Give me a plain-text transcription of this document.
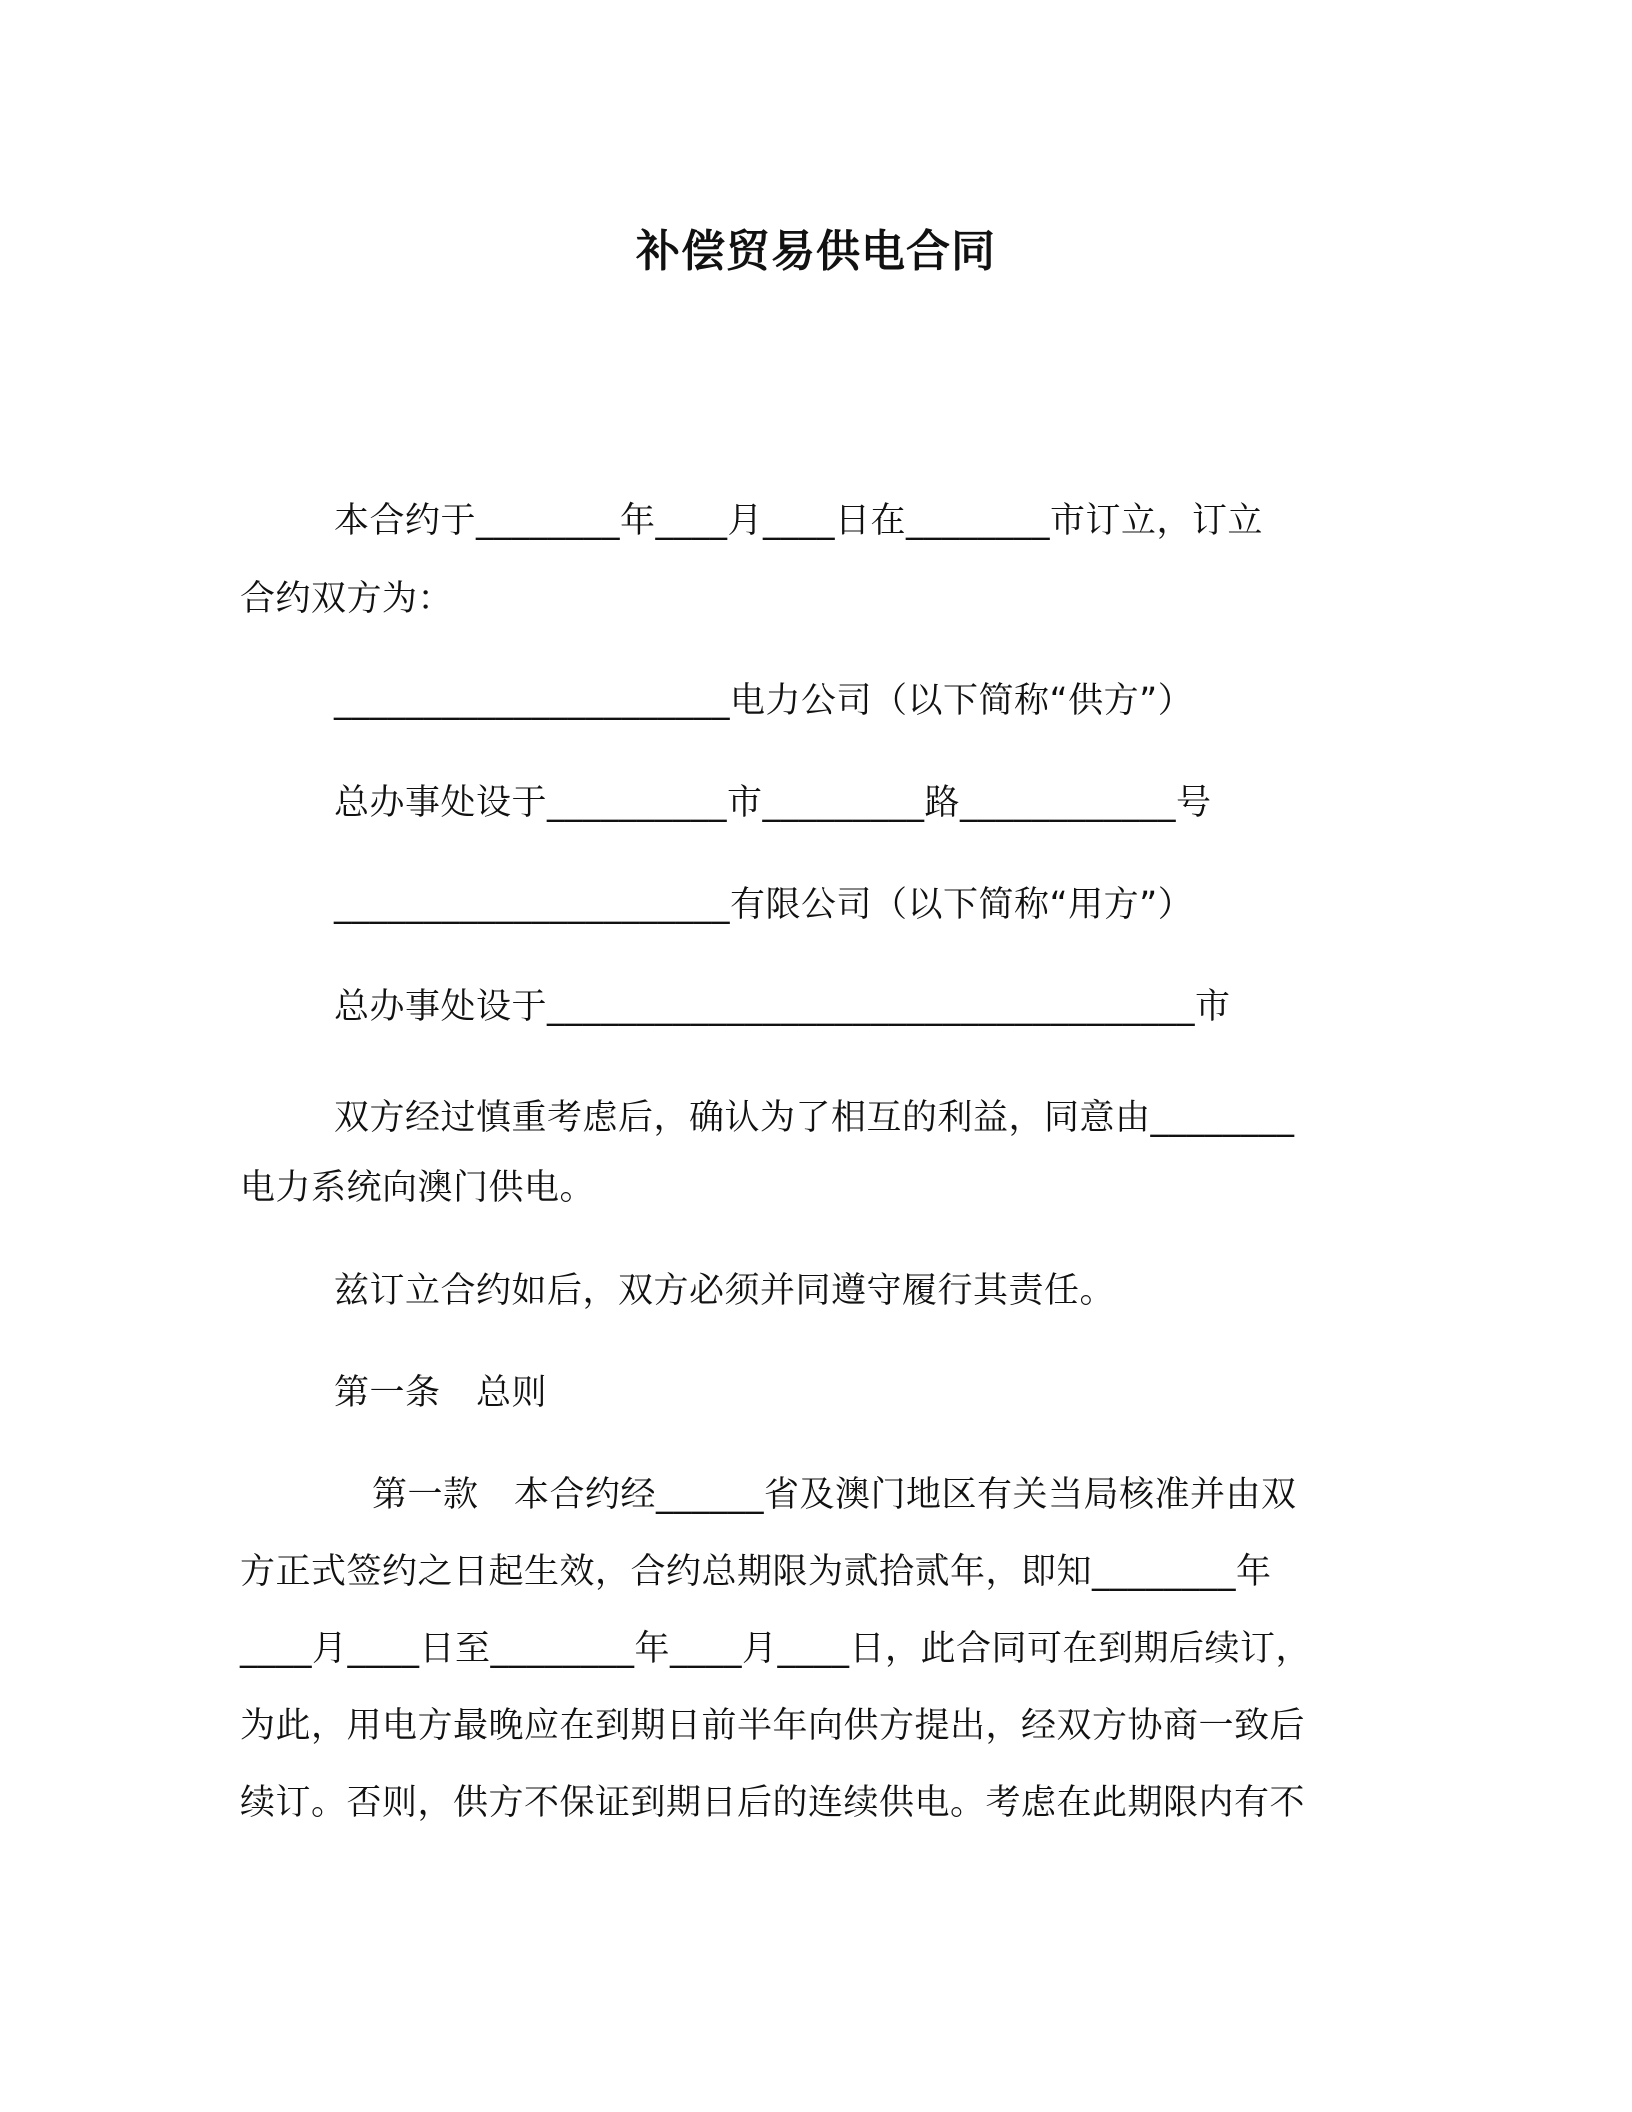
补偿贸易供电合同
本合约于________年____月____日在________市订立，订立
合约双方为：
______________________电力公司（以下简称“供方”）
总办事处设于__________市_________路____________号
______________________有限公司（以下简称“用方”）
总办事处设于____________________________________市
双方经过慎重考虑后，确认为了相互的利益，同意由________
电力系统向澳门供电。
兹订立合约如后，双方必须并同遵守履行其责任。
第一条　总则
第一款　本合约经______省及澳门地区有关当局核准并由双
方正式签约之日起生效，合约总期限为贰拾贰年，即知________年
____月____日至________年____月____日，此合同可在到期后续订，
为此，用电方最晚应在到期日前半年向供方提出，经双方协商一致后
续订。否则，供方不保证到期日后的连续供电。考虑在此期限内有不
